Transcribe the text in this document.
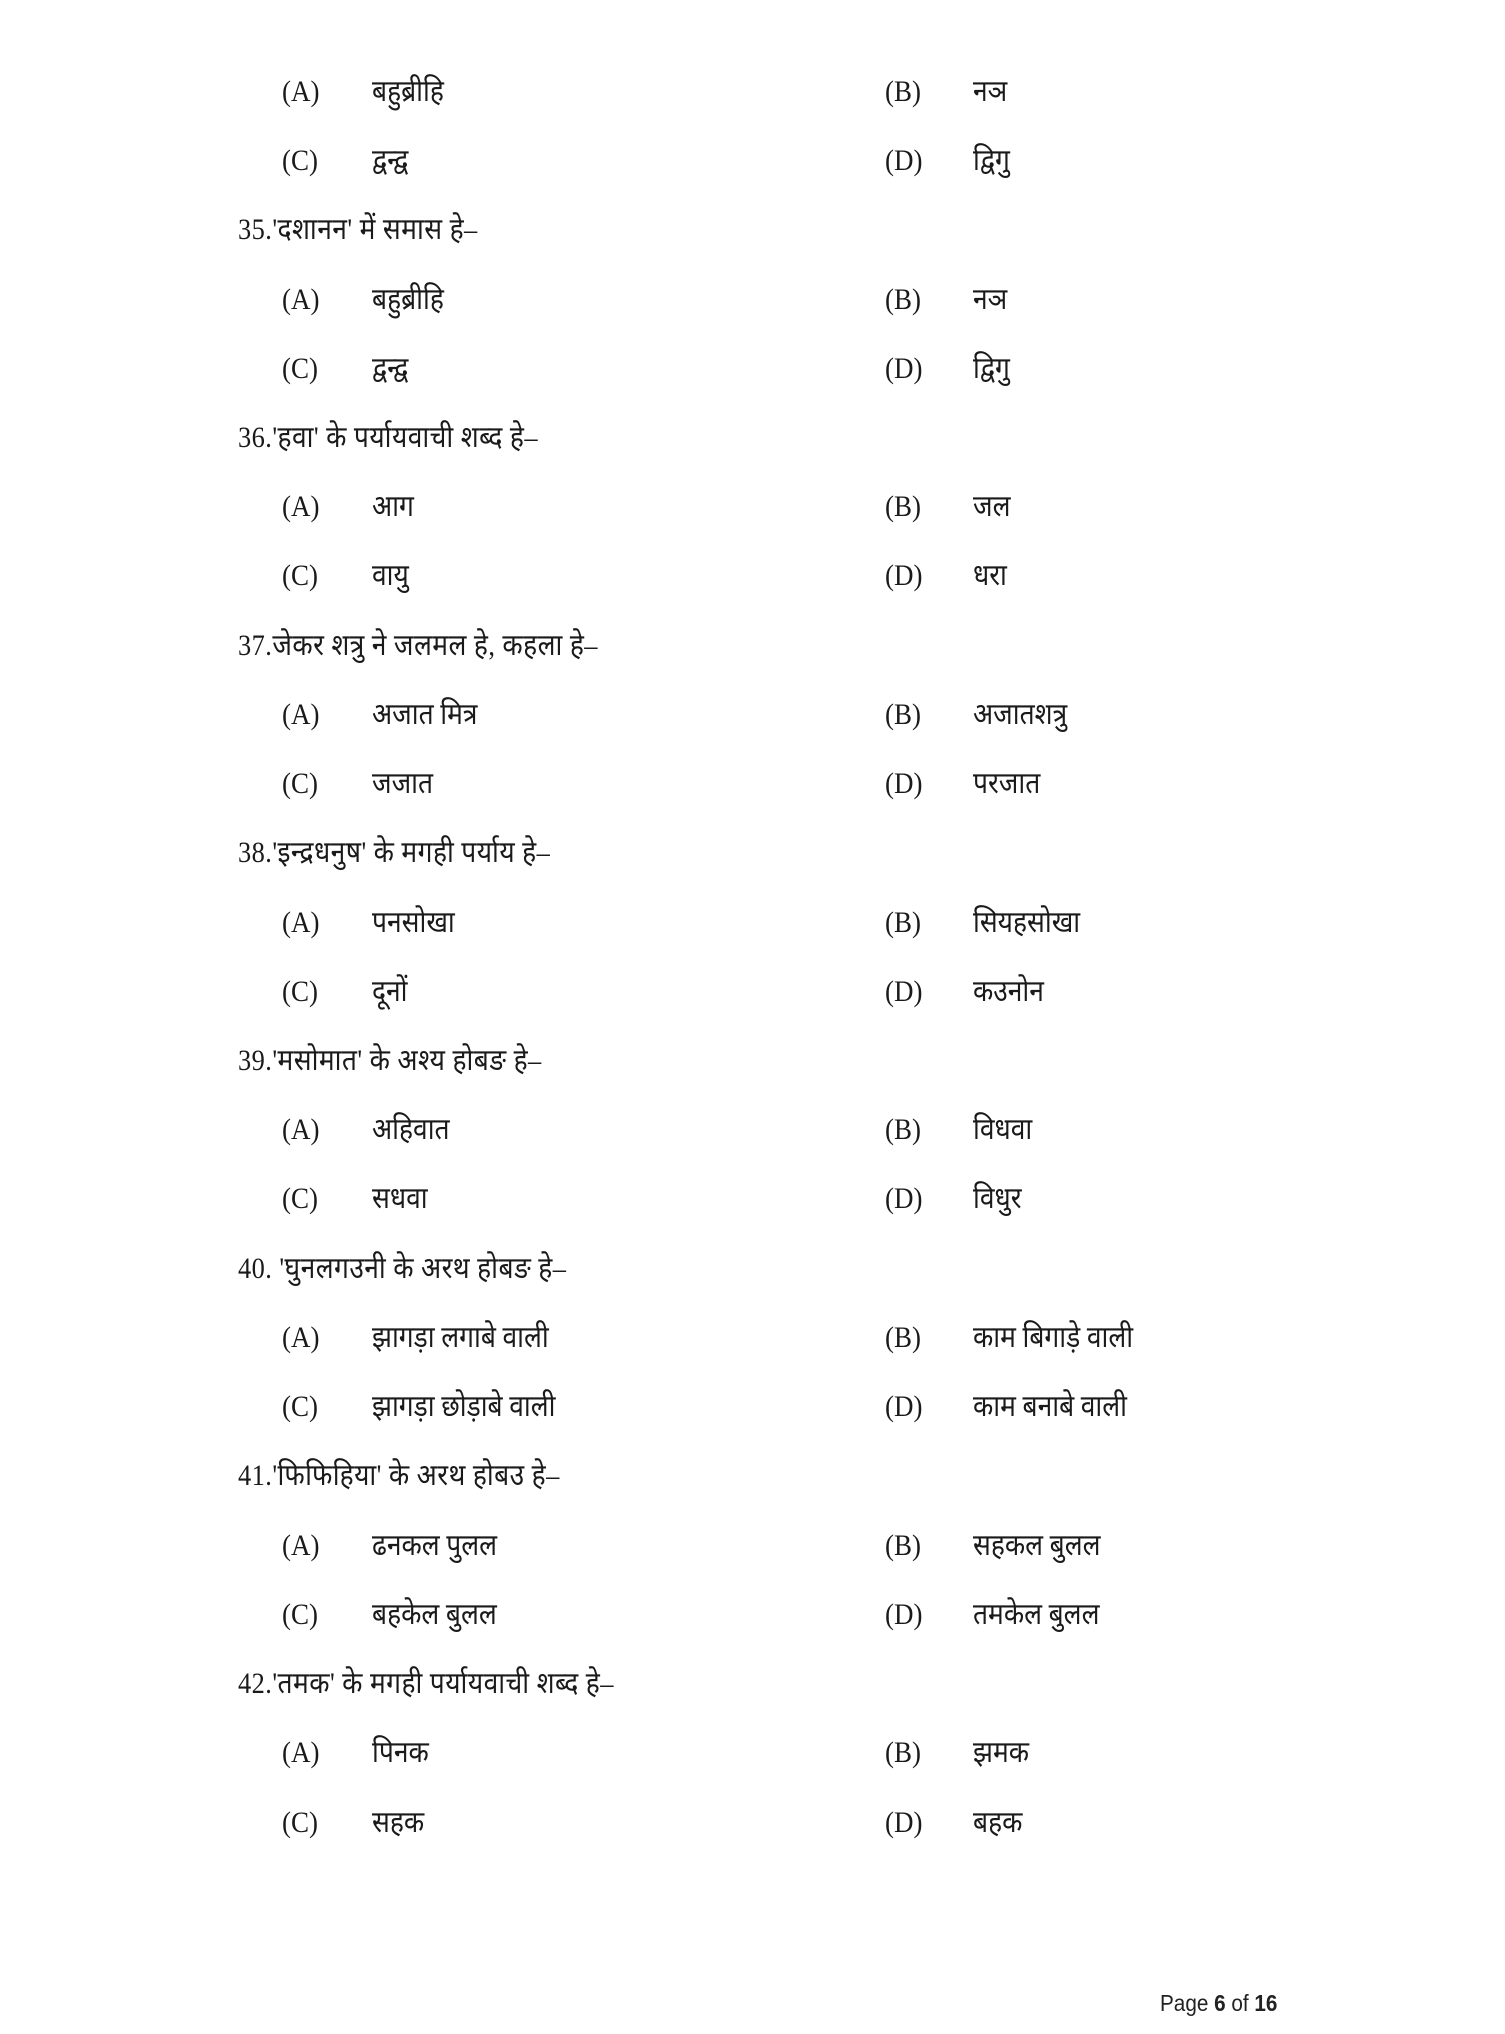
(A) बहुब्रीहि	(B) नञ
(C) द्वन्द्व	(D) द्विगु
35.'दशानन' में समास हे–
(A) बहुब्रीहि	(B) नञ
(C) द्वन्द्व	(D) द्विगु
36.'हवा' के पर्यायवाची शब्द हे–
(A) आग	(B) जल
(C) वायु	(D) धरा
37.जेकर शत्रु ने जलमल हे, कहला हे–
(A) अजात मित्र	(B) अजातशत्रु
(C) जजात	(D) परजात
38.'इन्द्रधनुष' के मगही पर्याय हे–
(A) पनसोखा	(B) सियहसोखा
(C) दूनों	(D) कउनोन
39.'मसोमात' के अश्य होबङ हे–
(A) अहिवात	(B) विधवा
(C) सधवा	(D) विधुर
40. 'घुनलगउनी के अरथ होबङ हे–
(A) झागड़ा लगाबे वाली	(B) काम बिगाड़े वाली
(C) झागड़ा छोड़ाबे वाली	(D) काम बनाबे वाली
41.'फिफिहिया' के अरथ होबउ हे–
(A) ढनकल पुलल	(B) सहकल बुलल
(C) बहकेल बुलल	(D) तमकेल बुलल
42.'तमक' के मगही पर्यायवाची शब्द हे–
(A) पिनक	(B) झमक
(C) सहक	(D) बहक
Page 6 of 16
